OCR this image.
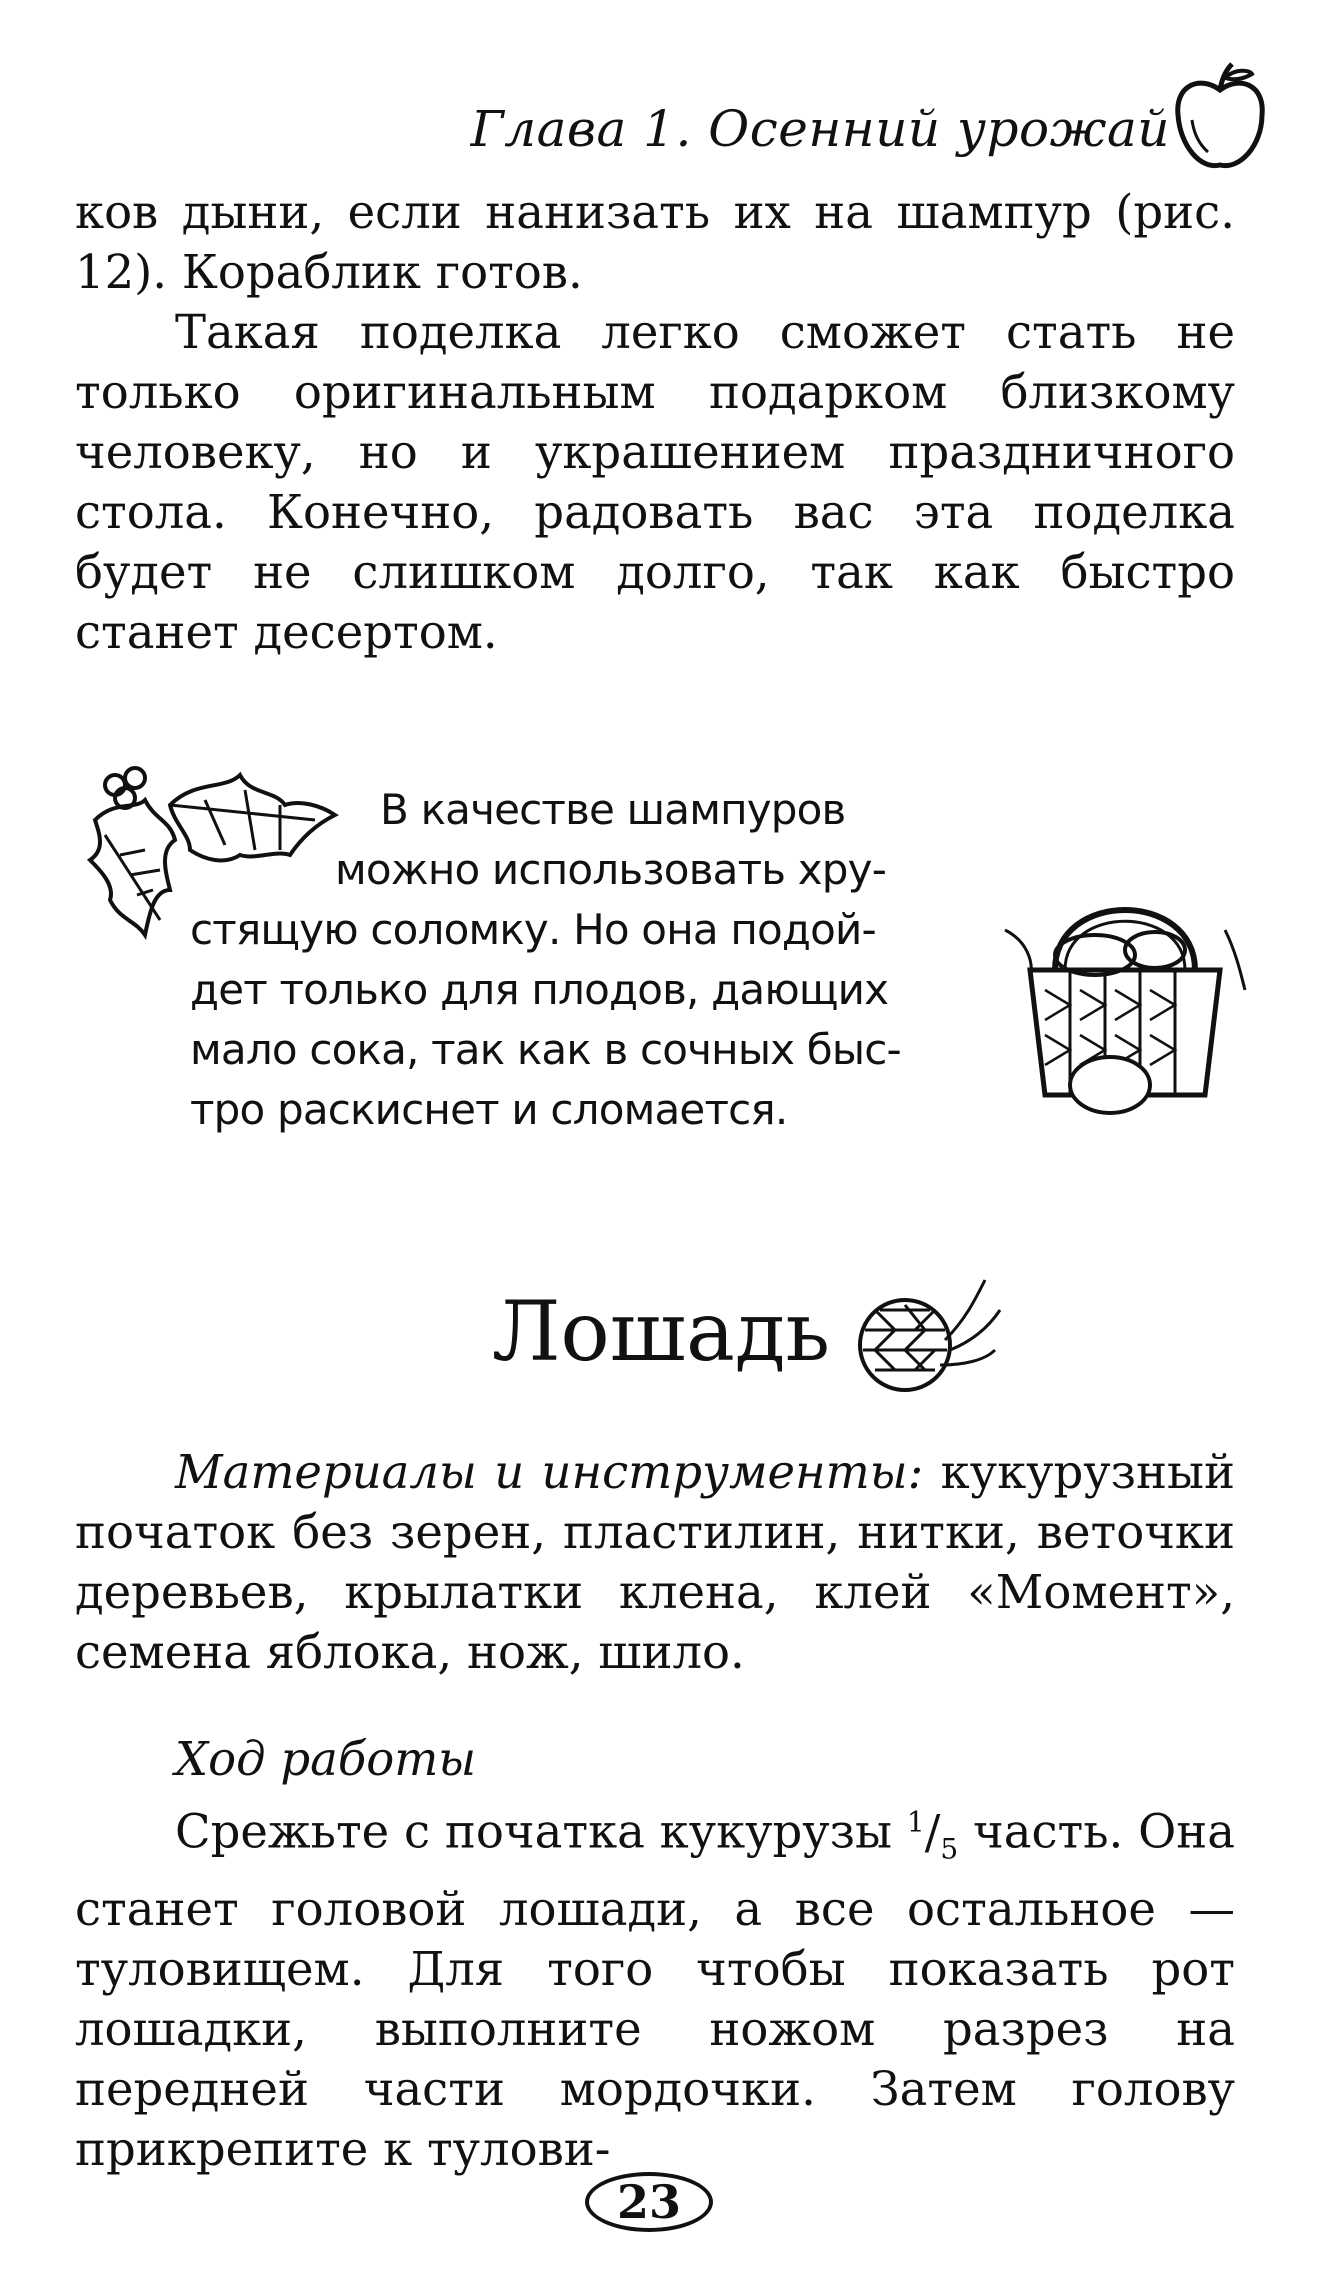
Глава 1. Осенний урожай

ков дыни, если нанизать их на шампур (рис. 12). Кораблик готов.

Такая поделка легко сможет стать не только оригинальным подарком близкому человеку, но и украшением праздничного стола. Конечно, радовать вас эта поделка будет не слишком долго, так как быстро станет десертом.

В качестве шампуров
можно использовать хру-
стящую соломку. Но она подой-
дет только для плодов, дающих
мало сока, так как в сочных быс-
тро раскиснет и сломается.
Лошадь

Материалы и инструменты: кукурузный початок без зерен, пластилин, нитки, веточки деревьев, крылатки клена, клей «Момент», семена яблока, нож, шило.

Ход работы

Срежьте с початка кукурузы $^1/_5$ часть. Она станет головой лошади, а все остальное — туловищем. Для того чтобы показать рот лошадки, выполните ножом разрез на передней части мордочки. Затем голову прикрепите к тулови-

23
